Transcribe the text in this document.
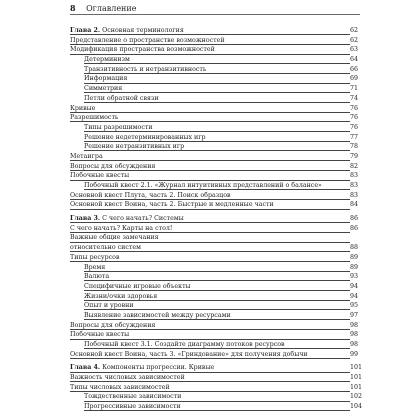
8 Оглавление
Глава 2. Основная терминология	62
Представление о пространстве возможностей	62
Модификация пространства возможностей	63
Детерминизм	64
Транзитивность и нетранзитивность	66
Информация	69
Симметрия	71
Петли обратной связи	74
Кривые	76
Разрешимость	76
Типы разрешимости	76
Решение недетерминированных игр	77
Решение нетранзитивных игр	78
Метаигра	79
Вопросы для обсуждения	82
Побочные квесты	83
Побочный квест 2.1. «Журнал интуитивных представлений о балансе»	83
Основной квест Плута, часть 2. Поиск образцов	83
Основной квест Воина, часть 2. Быстрые и медленные части	84
Глава 3. С чего начать? Системы	86
С чего начать? Карты на стол!	86
Важные общие замечания
относительно систем	88
Типы ресурсов	89
Время	89
Валюта	93
Специфичные игровые объекты	94
Жизни/очки здоровья	94
Опыт и уровни	95
Выявление зависимостей между ресурсами	97
Вопросы для обсуждения	98
Побочные квесты	98
Побочный квест 3.1. Создайте диаграмму потоков ресурсов	98
Основной квест Воина, часть 3. «Гриндование» для получения добычи	99
Глава 4. Компоненты прогрессии. Кривые	101
Важность числовых зависимостей	101
Типы числовых зависимостей	101
Тождественные зависимости	102
Прогрессивные зависимости	104
